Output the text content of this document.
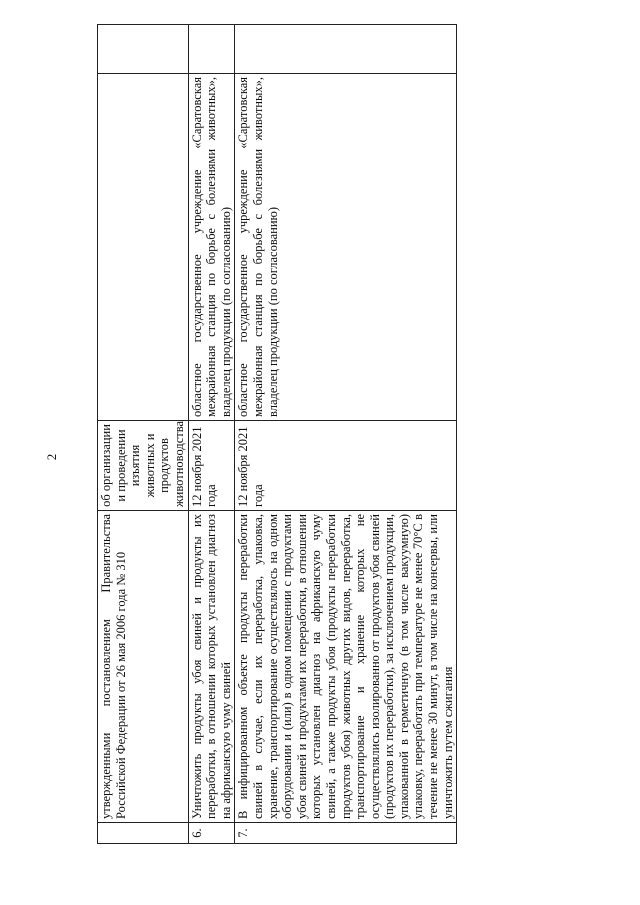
2
	утвержденными постановлением Правительства Российской Федерации от 26 мая 2006 года № 310	об организации и проведении изъятия животных и продуктов животноводства		
6.	Уничтожить продукты убоя свиней и продукты их переработки, в отношении которых установлен диагноз на африканскую чуму свиней	12 ноября 2021 года	областное государственное учреждение «Саратовская межрайонная станция по борьбе с болезнями животных», владелец продукции (по согласованию)	
7.	В инфицированном объекте продукты переработки свиней в случае, если их переработка, упаковка, хранение, транспортирование осуществлялось на одном оборудовании и (или) в одном помещении с продуктами убоя свиней и продуктами их переработки, в отношении которых установлен диагноз на африканскую чуму свиней, а также продукты убоя (продукты переработки продуктов убоя) животных других видов, переработка, транспортирование и хранение которых не осуществлялись изолированно от продуктов убоя свиней (продуктов их переработки), за исключением продукции, упакованной в герметичную (в том числе вакуумную) упаковку, переработать при температуре не менее 70°С в течение не менее 30 минут, в том числе на консервы, или уничтожить путем сжигания	12 ноября 2021 года	областное государственное учреждение «Саратовская межрайонная станция по борьбе с болезнями животных», владелец продукции (по согласованию)	
